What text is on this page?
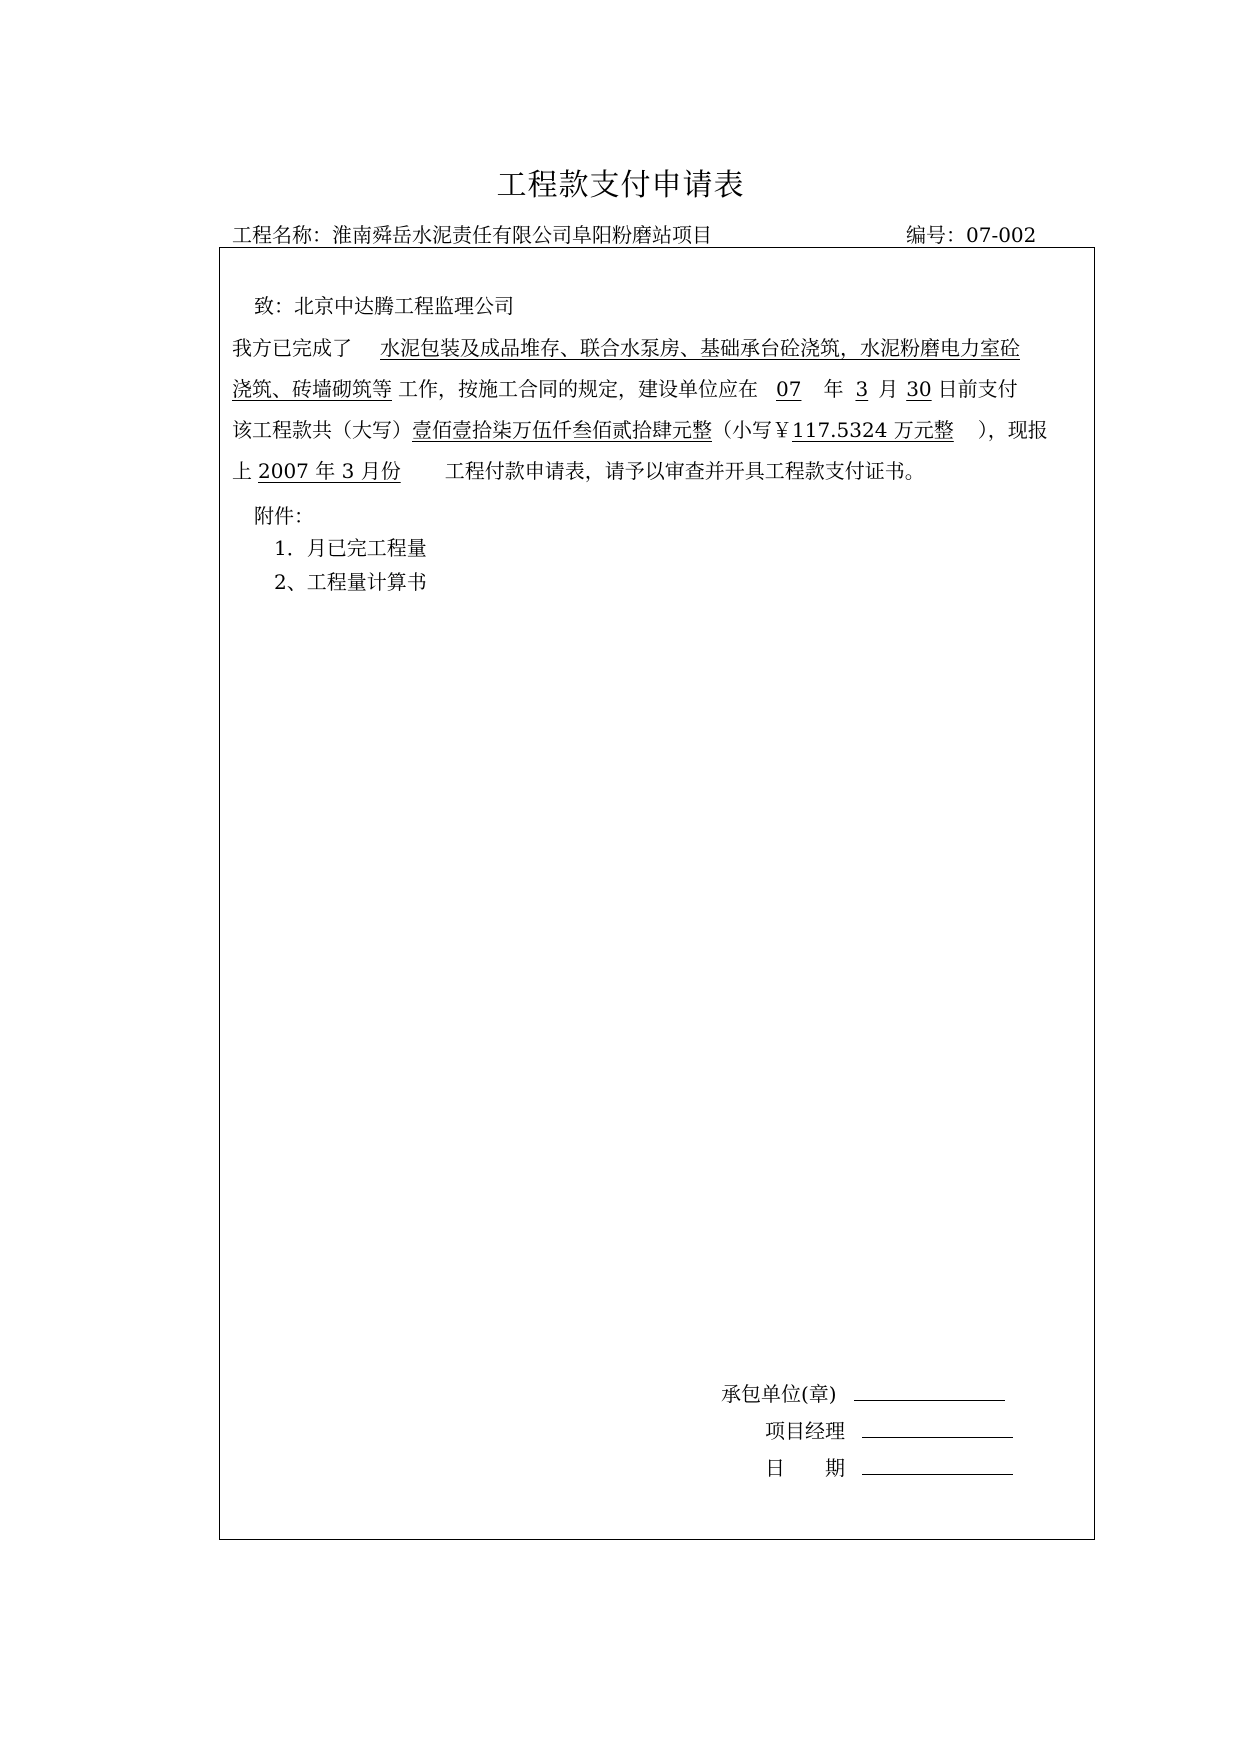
工程款支付申请表
工程名称：淮南舜岳水泥责任有限公司阜阳粉磨站项目	编号：07-002
致：北京中达腾工程监理公司
我方已完成了 水泥包装及成品堆存、联合水泵房、基础承台砼浇筑，水泥粉磨电力室砼
浇筑、砖墙砌筑等 工作，按施工合同的规定，建设单位应在 07 年 3 月 30 日前支付
该工程款共（大写）壹佰壹拾柒万伍仟叁佰贰拾肆元整（小写￥117.5324 万元整 ），现报
上 2007 年 3 月份 工程付款申请表，请予以审查并开具工程款支付证书。
附件：
1．月已完工程量
2、工程量计算书
承包单位(章)
项目经理
日　　期
